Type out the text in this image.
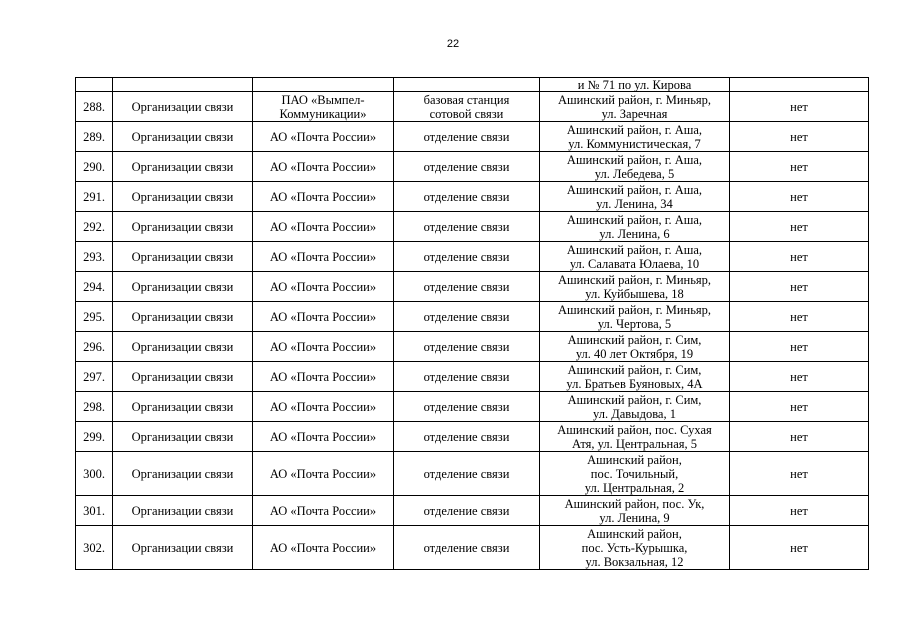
22
				и № 71 по ул. Кирова	
288.	Организации связи	ПАО «Вымпел-
Коммуникации»	базовая станция
сотовой связи	Ашинский район, г. Миньяр,
ул. Заречная	нет
289.	Организации связи	АО «Почта России»	отделение связи	Ашинский район, г. Аша,
ул. Коммунистическая, 7	нет
290.	Организации связи	АО «Почта России»	отделение связи	Ашинский район, г. Аша,
ул. Лебедева, 5	нет
291.	Организации связи	АО «Почта России»	отделение связи	Ашинский район, г. Аша,
ул. Ленина, 34	нет
292.	Организации связи	АО «Почта России»	отделение связи	Ашинский район, г. Аша,
ул. Ленина, 6	нет
293.	Организации связи	АО «Почта России»	отделение связи	Ашинский район, г. Аша,
ул. Салавата Юлаева, 10	нет
294.	Организации связи	АО «Почта России»	отделение связи	Ашинский район, г. Миньяр,
ул. Куйбышева, 18	нет
295.	Организации связи	АО «Почта России»	отделение связи	Ашинский район, г. Миньяр,
ул. Чертова, 5	нет
296.	Организации связи	АО «Почта России»	отделение связи	Ашинский район, г. Сим,
ул. 40 лет Октября, 19	нет
297.	Организации связи	АО «Почта России»	отделение связи	Ашинский район, г. Сим,
ул. Братьев Буяновых, 4А	нет
298.	Организации связи	АО «Почта России»	отделение связи	Ашинский район, г. Сим,
ул. Давыдова, 1	нет
299.	Организации связи	АО «Почта России»	отделение связи	Ашинский район, пос. Сухая
Атя, ул. Центральная, 5	нет
300.	Организации связи	АО «Почта России»	отделение связи	Ашинский район,
пос. Точильный,
ул. Центральная, 2	нет
301.	Организации связи	АО «Почта России»	отделение связи	Ашинский район, пос. Ук,
ул. Ленина, 9	нет
302.	Организации связи	АО «Почта России»	отделение связи	Ашинский район,
пос. Усть-Курышка,
ул. Вокзальная, 12	нет
